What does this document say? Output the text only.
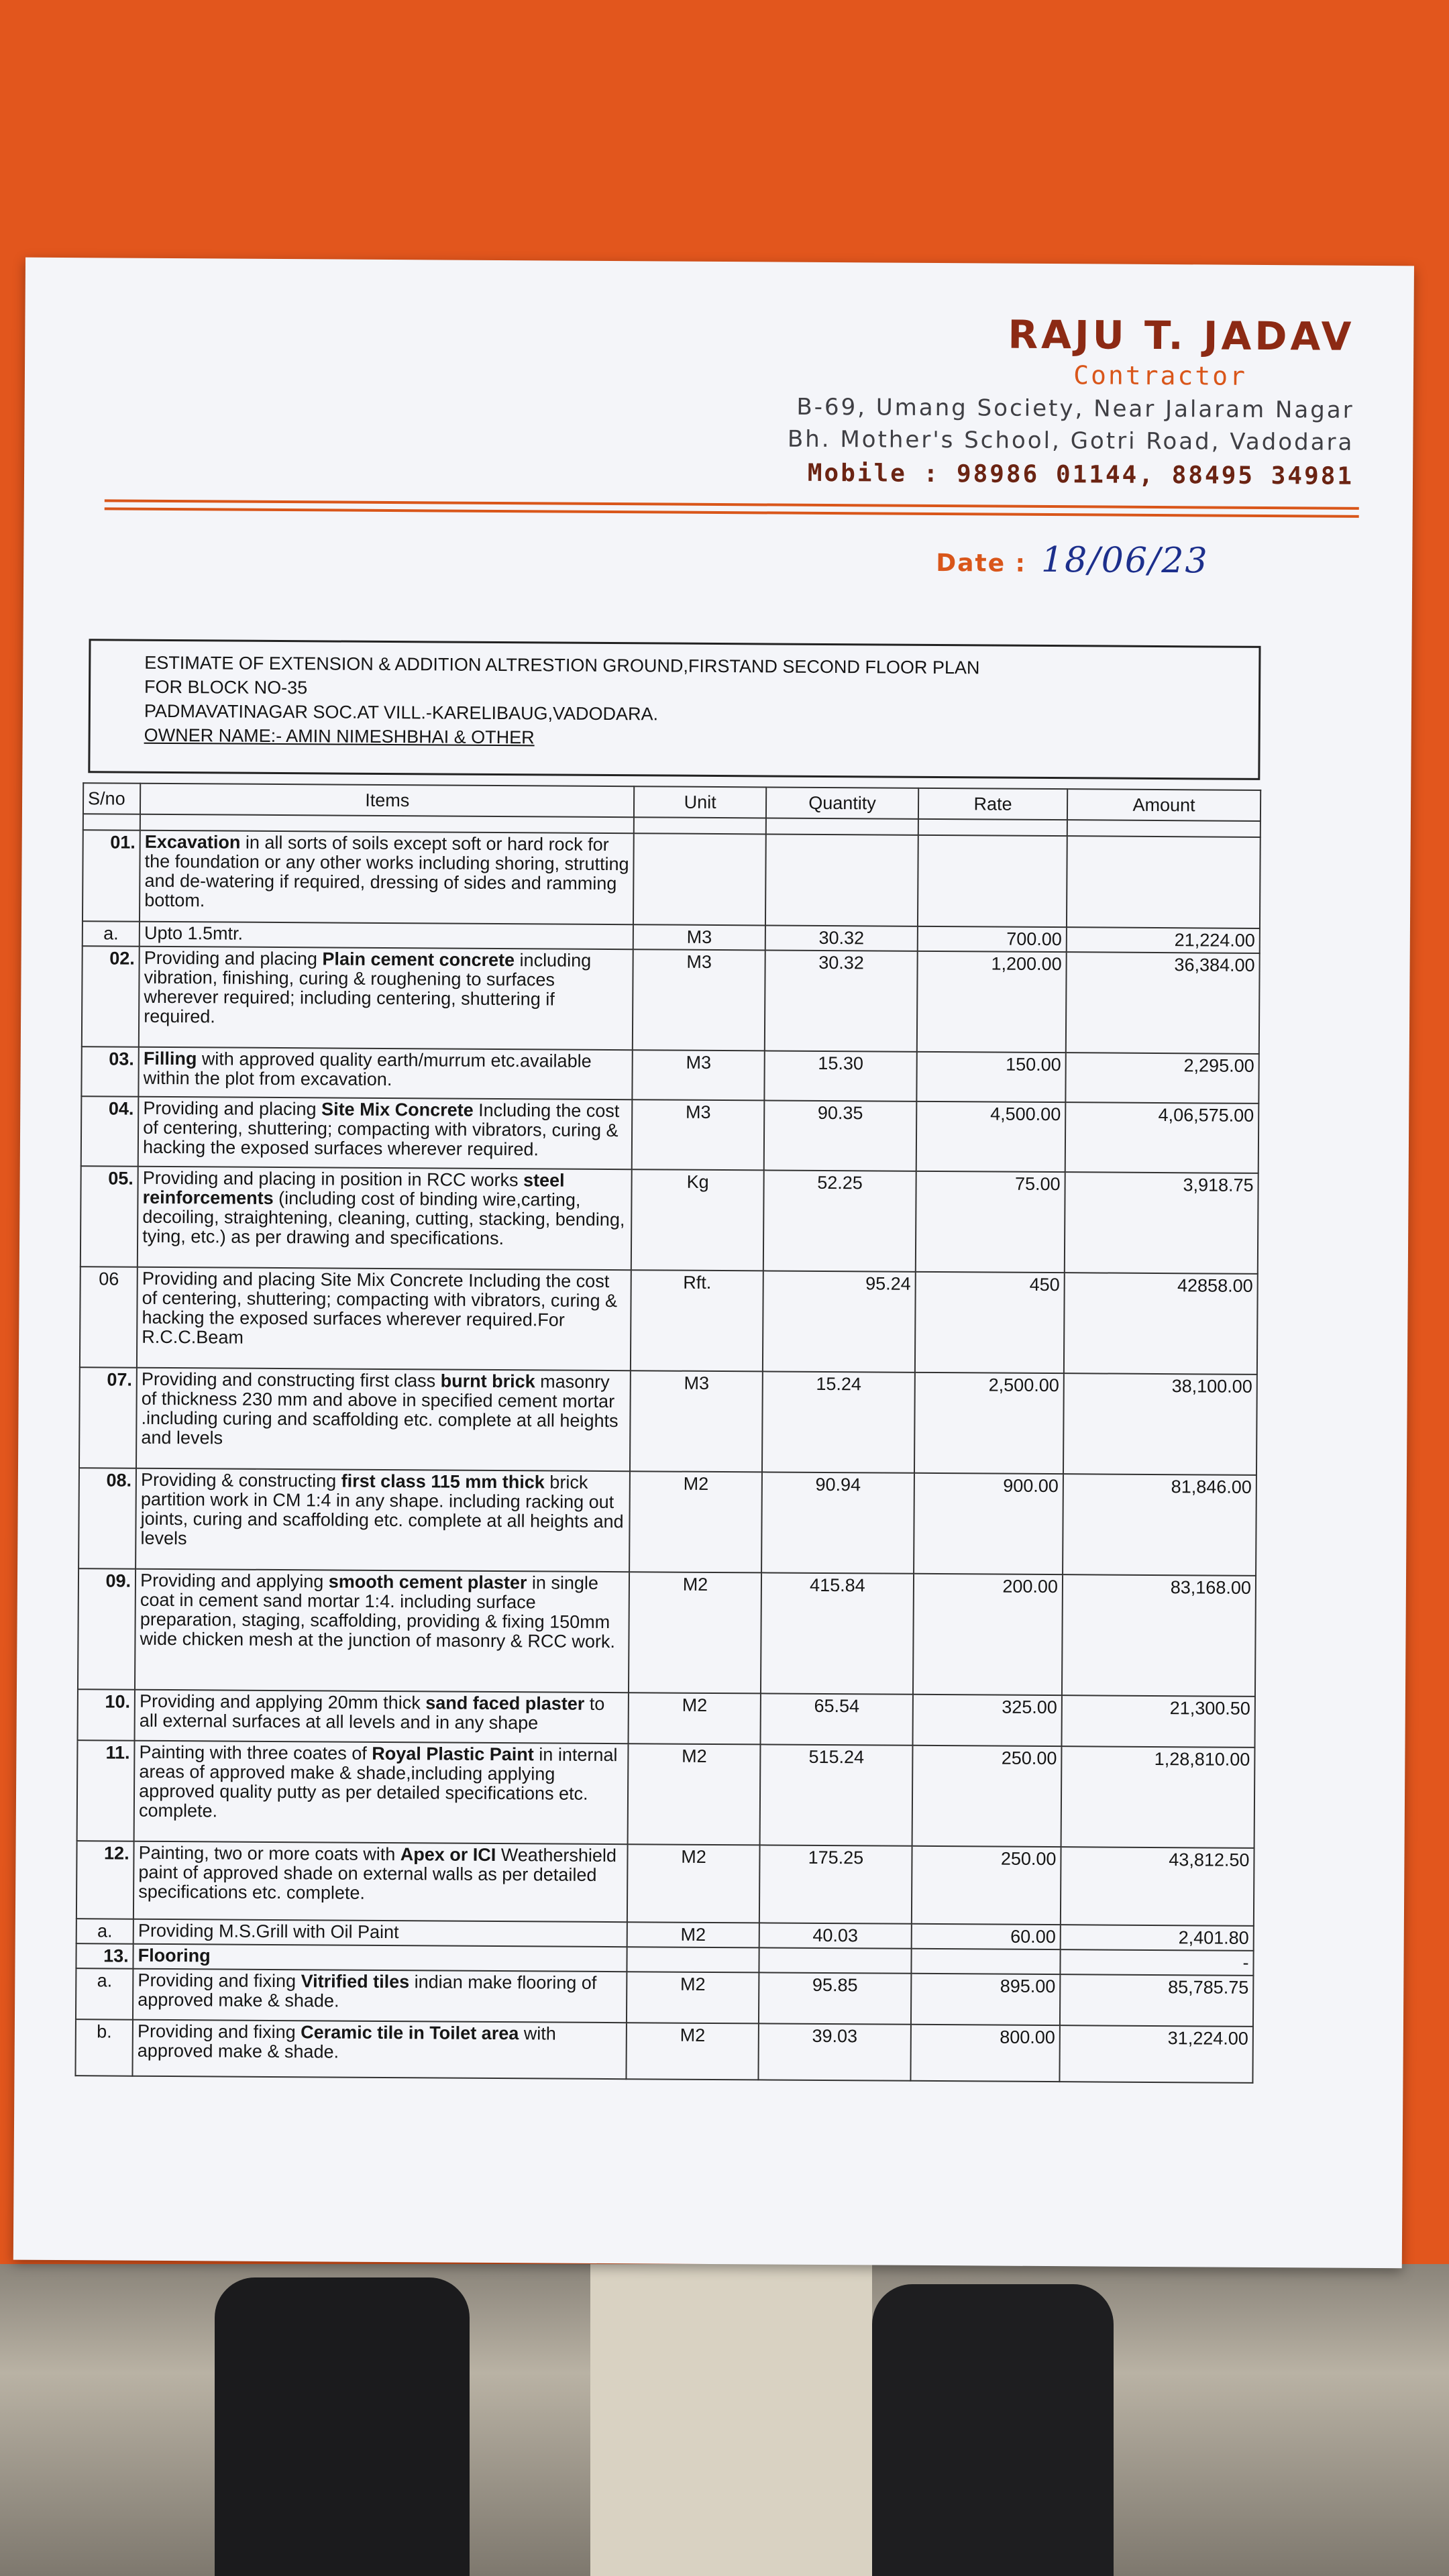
RAJU T. JADAV
Contractor
B-69, Umang Society, Near Jalaram Nagar
Bh. Mother's School, Gotri Road, Vadodara
Mobile : 98986 01144, 88495 34981
Date : 18/06/23
ESTIMATE OF EXTENSION & ADDITION ALTRESTION GROUND,FIRSTAND SECOND FLOOR PLAN
FOR BLOCK NO-35
PADMAVATINAGAR SOC.AT VILL.-KARELIBAUG,VADODARA.
OWNER NAME:- AMIN NIMESHBHAI & OTHER
S/no	Items	Unit	Quantity	Rate	Amount

01.	Excavation in all sorts of soils except soft or hard rock for the foundation or any other works including shoring, strutting and de-watering if required, dressing of sides and ramming bottom.				
a.	Upto 1.5mtr.	M3	30.32	700.00	21,224.00
02.	Providing and placing Plain cement concrete including vibration, finishing, curing & roughening to surfaces wherever required; including centering, shuttering if required.	M3	30.32	1,200.00	36,384.00
03.	Filling with approved quality earth/murrum etc.available within the plot from excavation.	M3	15.30	150.00	2,295.00
04.	Providing and placing Site Mix Concrete Including the cost of centering, shuttering; compacting with vibrators, curing & hacking the exposed surfaces wherever required.	M3	90.35	4,500.00	4,06,575.00
05.	Providing and placing in position in RCC works steel reinforcements (including cost of binding wire,carting, decoiling, straightening, cleaning, cutting, stacking, bending, tying, etc.) as per drawing and specifications.	Kg	52.25	75.00	3,918.75
06	Providing and placing Site Mix Concrete Including the cost of centering, shuttering; compacting with vibrators, curing & hacking the exposed surfaces wherever required.For R.C.C.Beam	Rft.	95.24	450	42858.00
07.	Providing and constructing first class burnt brick masonry of thickness 230 mm and above in specified cement mortar .including curing and scaffolding etc. complete at all heights and levels	M3	15.24	2,500.00	38,100.00
08.	Providing & constructing first class 115 mm thick brick partition work in CM 1:4 in any shape. including racking out joints, curing and scaffolding etc. complete at all heights and levels	M2	90.94	900.00	81,846.00
09.	Providing and applying smooth cement plaster in single coat in cement sand mortar 1:4. including surface preparation, staging, scaffolding, providing & fixing 150mm wide chicken mesh at the junction of masonry & RCC work.	M2	415.84	200.00	83,168.00
10.	Providing and applying 20mm thick sand faced plaster to all external surfaces at all levels and in any shape	M2	65.54	325.00	21,300.50
11.	Painting with three coates of Royal Plastic Paint in internal areas of approved make & shade,including applying approved quality putty as per detailed specifications etc. complete.	M2	515.24	250.00	1,28,810.00
12.	Painting, two or more coats with Apex or ICI Weathershield paint of approved shade on external walls as per detailed specifications etc. complete.	M2	175.25	250.00	43,812.50
a.	Providing M.S.Grill with Oil Paint	M2	40.03	60.00	2,401.80
13.	Flooring				-
a.	Providing and fixing Vitrified tiles indian make flooring of approved make & shade.	M2	95.85	895.00	85,785.75
b.	Providing and fixing Ceramic tile in Toilet area with approved make & shade.	M2	39.03	800.00	31,224.00
